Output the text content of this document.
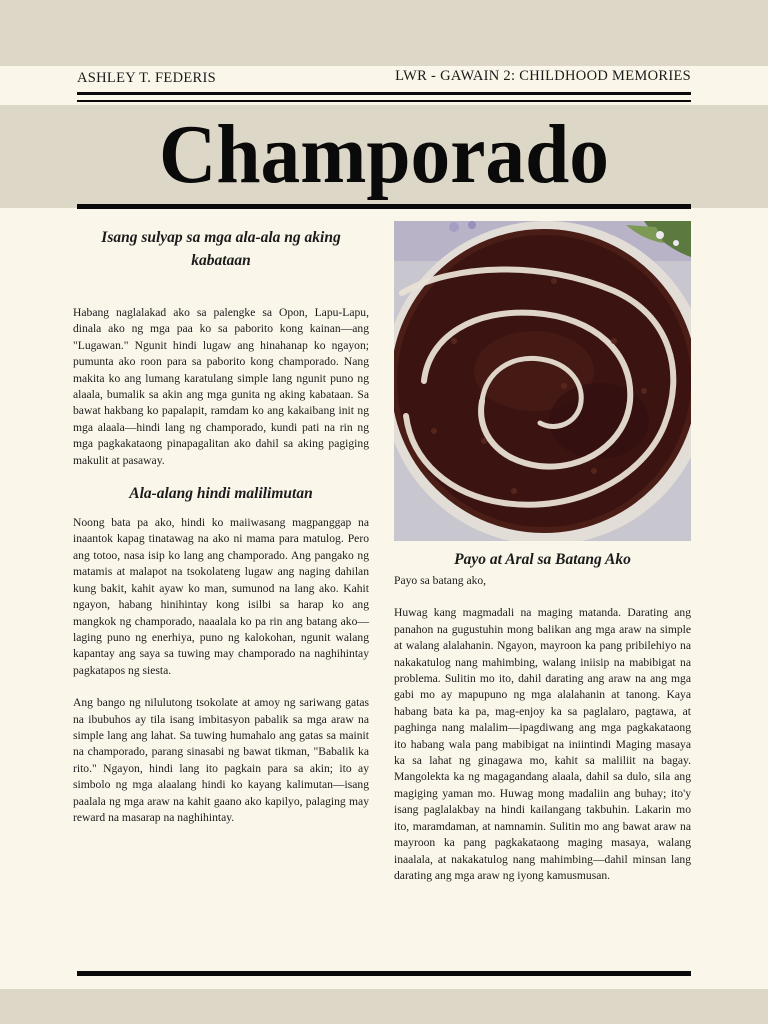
ASHLEY T. FEDERIS	LWR - GAWAIN 2: CHILDHOOD MEMORIES
Champorado
Isang sulyap sa mga ala-ala ng aking kabataan

Habang naglalakad ako sa palengke sa Opon, Lapu-Lapu, dinala ako ng mga paa ko sa paborito kong kainan—ang "Lugawan." Ngunit hindi lugaw ang hinahanap ko ngayon; pumunta ako roon para sa paborito kong champorado. Nang makita ko ang lumang karatulang simple lang ngunit puno ng alaala, bumalik sa akin ang mga gunita ng aking kabataan. Sa bawat hakbang ko papalapit, ramdam ko ang kakaibang init ng mga alaala—hindi lang ng champorado, kundi pati na rin ng mga pagkakataong pinapagalitan ako dahil sa aking pagiging makulit at pasaway.

Ala-alang hindi malilimutan

Noong bata pa ako, hindi ko maiiwasang magpanggap na inaantok kapag tinatawag na ako ni mama para matulog. Pero ang totoo, nasa isip ko lang ang champorado. Ang pangako ng matamis at malapot na tsokolateng lugaw ang naging dahilan kung bakit, kahit ayaw ko man, sumunod na lang ako. Kahit ngayon, habang hinihintay kong isilbi sa harap ko ang mangkok ng champorado, naaalala ko pa rin ang batang ako—laging puno ng enerhiya, puno ng kalokohan, ngunit walang kapantay ang saya sa tuwing may champorado na naghihintay pagkatapos ng siesta.

Ang bango ng nilulutong tsokolate at amoy ng sariwang gatas na ibubuhos ay tila isang imbitasyon pabalik sa mga araw na simple lang ang lahat. Sa tuwing humahalo ang gatas sa mainit na champorado, parang sinasabi ng bawat tikman, "Babalik ka rito." Ngayon, hindi lang ito pagkain para sa akin; ito ay simbolo ng mga alaalang hindi ko kayang kalimutan—isang paalala ng mga araw na kahit gaano ako kapilyo, palaging may reward na masarap na naghihintay.

Payo at Aral sa Batang Ako

Payo sa batang ako,

Huwag kang magmadali na maging matanda. Darating ang panahon na gugustuhin mong balikan ang mga araw na simple at walang alalahanin. Ngayon, mayroon ka pang pribilehiyo na nakakatulog nang mahimbing, walang iniisip na mabibigat na problema. Sulitin mo ito, dahil darating ang araw na ang mga gabi mo ay mapupuno ng mga alalahanin at tanong. Kaya habang bata ka pa, mag-enjoy ka sa paglalaro, pagtawa, at paghinga nang malalim—ipagdiwang ang mga pagkakataong ito habang wala pang mabibigat na iniintindi Maging masaya ka sa lahat ng ginagawa mo, kahit sa maliliit na bagay. Mangolekta ka ng magagandang alaala, dahil sa dulo, sila ang magiging yaman mo. Huwag mong madaliin ang buhay; ito'y isang paglalakbay na hindi kailangang takbuhin. Lakarin mo ito, maramdaman, at namnamin. Sulitin mo ang bawat araw na mayroon ka pang pagkakataong maging masaya, walang inaalala, at nakakatulog nang mahimbing—dahil minsan lang darating ang mga araw ng iyong kamusmusan.
